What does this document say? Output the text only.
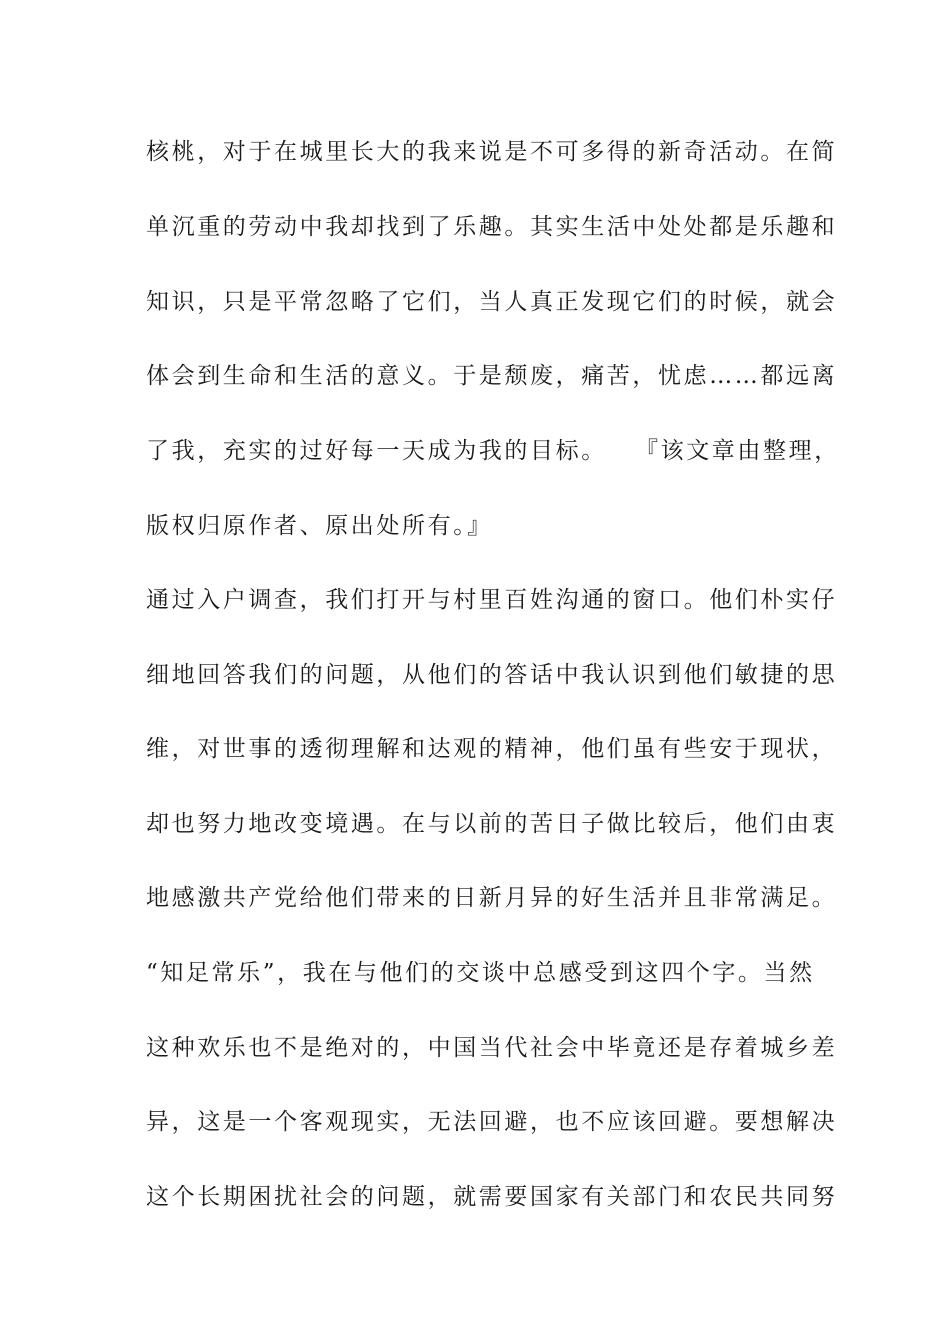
核桃，对于在城里长大的我来说是不可多得的新奇活动。在简
单沉重的劳动中我却找到了乐趣。其实生活中处处都是乐趣和
知识，只是平常忽略了它们，当人真正发现它们的时候，就会
体会到生命和生活的意义。于是颓废，痛苦，忧虑……都远离
了我，充实的过好每一天成为我的目标。　　『该文章由整理，
版权归原作者、原出处所有。』
通过入户调查，我们打开与村里百姓沟通的窗口。他们朴实仔
细地回答我们的问题，从他们的答话中我认识到他们敏捷的思
维，对世事的透彻理解和达观的精神，他们虽有些安于现状，
却也努力地改变境遇。在与以前的苦日子做比较后，他们由衷
地感激共产党给他们带来的日新月异的好生活并且非常满足。
“知足常乐”，我在与他们的交谈中总感受到这四个字。当然
这种欢乐也不是绝对的，中国当代社会中毕竟还是存着城乡差
异，这是一个客观现实，无法回避，也不应该回避。要想解决
这个长期困扰社会的问题，就需要国家有关部门和农民共同努
